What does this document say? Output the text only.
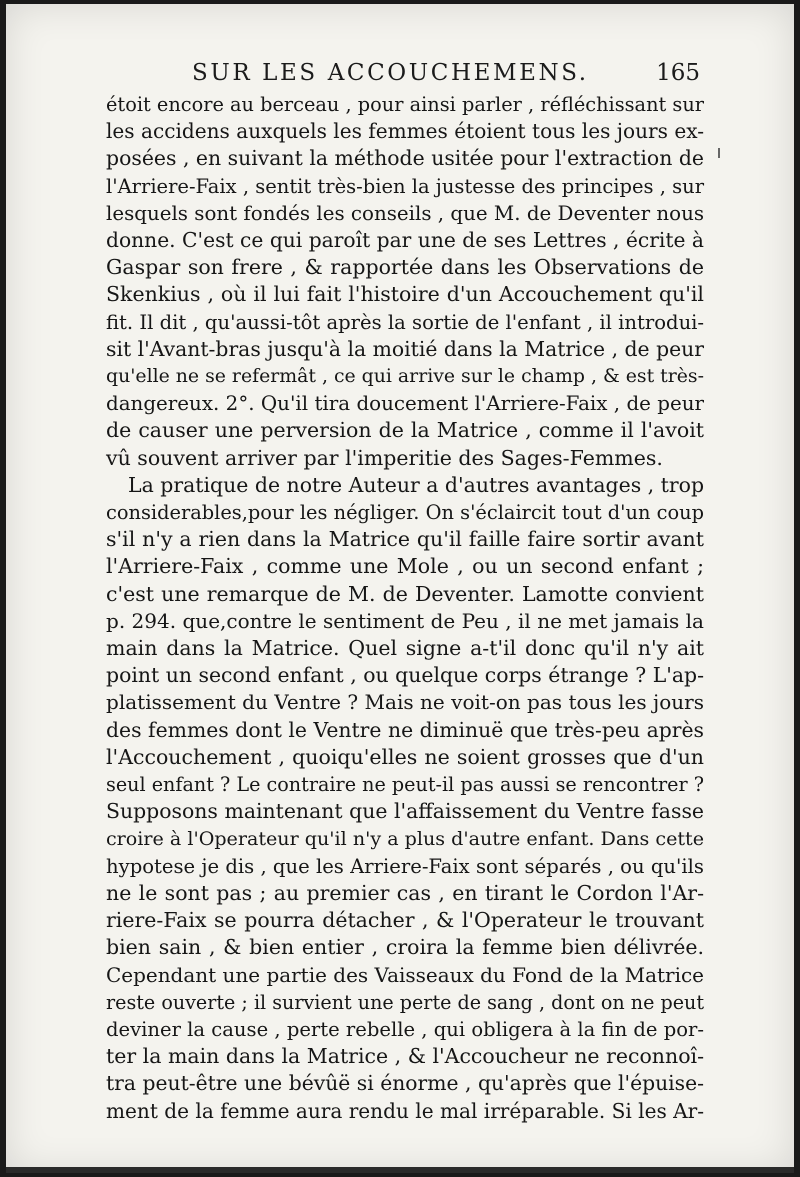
SUR LES ACCOUCHEMENS.	165
étoit encore au berceau , pour ainsi parler , réfléchissant sur
les accidens auxquels les femmes étoient tous les jours ex-
posées , en suivant la méthode usitée pour l'extraction de
l'Arriere-Faix , sentit très-bien la justesse des principes , sur
lesquels sont fondés les conseils , que M. de Deventer nous
donne. C'est ce qui paroît par une de ses Lettres , écrite à
Gaspar son frere , & rapportée dans les Observations de
Skenkius , où il lui fait l'histoire d'un Accouchement qu'il
fit. Il dit , qu'aussi-tôt après la sortie de l'enfant , il introdui-
sit l'Avant-bras jusqu'à la moitié dans la Matrice , de peur
qu'elle ne se refermât , ce qui arrive sur le champ , & est très-
dangereux. 2°. Qu'il tira doucement l'Arriere-Faix , de peur
de causer une perversion de la Matrice , comme il l'avoit
vû souvent arriver par l'imperitie des Sages-Femmes.
La pratique de notre Auteur a d'autres avantages , trop
considerables,pour les négliger. On s'éclaircit tout d'un coup
s'il n'y a rien dans la Matrice qu'il faille faire sortir avant
l'Arriere-Faix , comme une Mole , ou un second enfant ;
c'est une remarque de M. de Deventer. Lamotte convient
p. 294. que,contre le sentiment de Peu , il ne met jamais la
main dans la Matrice. Quel signe a-t'il donc qu'il n'y ait
point un second enfant , ou quelque corps étrange ? L'ap-
platissement du Ventre ? Mais ne voit-on pas tous les jours
des femmes dont le Ventre ne diminuë que très-peu après
l'Accouchement , quoiqu'elles ne soient grosses que d'un
seul enfant ? Le contraire ne peut-il pas aussi se rencontrer ?
Supposons maintenant que l'affaissement du Ventre fasse
croire à l'Operateur qu'il n'y a plus d'autre enfant. Dans cette
hypotese je dis , que les Arriere-Faix sont séparés , ou qu'ils
ne le sont pas ; au premier cas , en tirant le Cordon l'Ar-
riere-Faix se pourra détacher , & l'Operateur le trouvant
bien sain , & bien entier , croira la femme bien délivrée.
Cependant une partie des Vaisseaux du Fond de la Matrice
reste ouverte ; il survient une perte de sang , dont on ne peut
deviner la cause , perte rebelle , qui obligera à la fin de por-
ter la main dans la Matrice , & l'Accoucheur ne reconnoî-
tra peut-être une bévûë si énorme , qu'après que l'épuise-
ment de la femme aura rendu le mal irréparable. Si les Ar-
